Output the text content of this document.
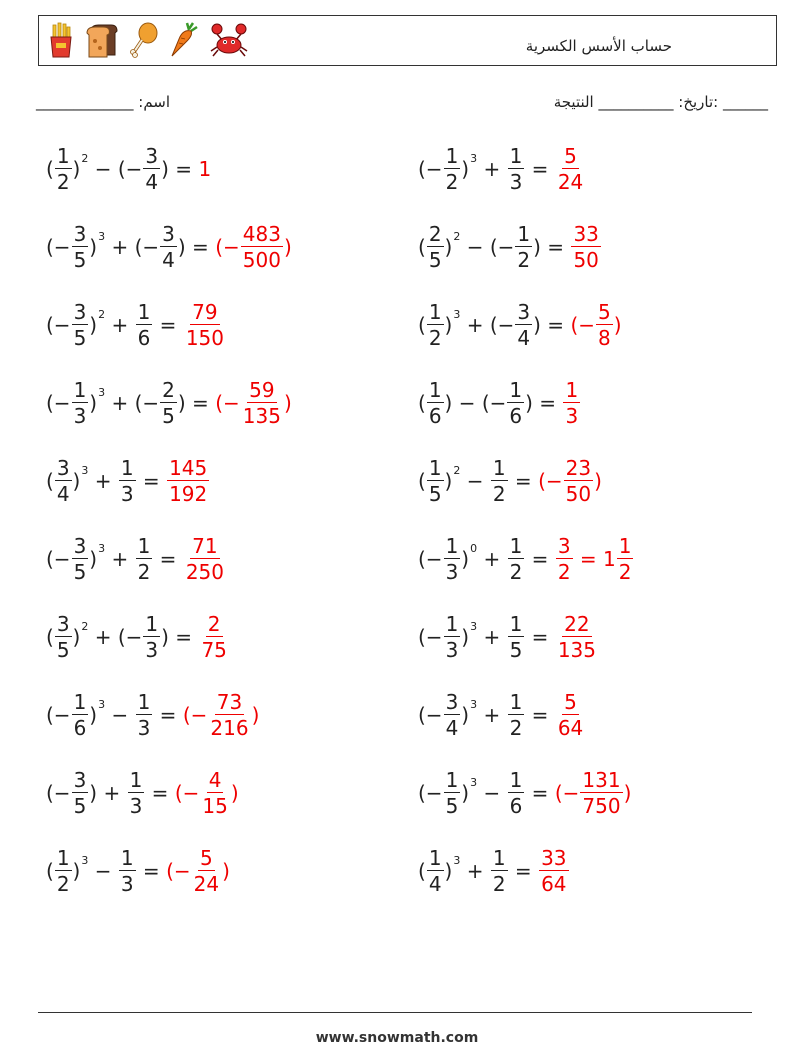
حساب الأسس الكسرية
اسم: _____________	______ :تاريخ: __________ النتيجة
( $\frac{1}{2}$ ) 2 − (− $\frac{3}{4}$ ) = 1	(− $\frac{1}{2}$ ) $3 + \frac{1}{3} = \frac{5}{24}$
(− $\frac{3}{5}$ ) 3 + (− $\frac{3}{4}$ ) = (− $\frac{483}{500}$ )	( $\frac{2}{5}$ ) 2 − (− $\frac{1}{2}$ ) = $\frac{33}{50}$
(− $\frac{3}{5}$ ) $2 + \frac{1}{6} = \frac{79}{150}$	( $\frac{1}{2}$ ) 3 + (− $\frac{3}{4}$ ) = (− $\frac{5}{8}$ )
(− $\frac{1}{3}$ ) 3 + (− $\frac{2}{5}$ ) = (− $\frac{59}{135}$ )	( $\frac{1}{6}$ ) − (− $\frac{1}{6}$ ) = $\frac{1}{3}$
( $\frac{3}{4}$ ) $3 + \frac{1}{3} = \frac{145}{192}$	( $\frac{1}{5}$ ) $2 - \frac{1}{2}$ = (− $\frac{23}{50}$ )
(− $\frac{3}{5}$ ) $3 + \frac{1}{2} = \frac{71}{250}$	(− $\frac{1}{3}$ ) $0 + \frac{1}{2} = \frac{3}{2} = 1 \frac{1}{2}$
( $\frac{3}{5}$ ) 2 + (− $\frac{1}{3}$ ) = $\frac{2}{75}$	(− $\frac{1}{3}$ ) $3 + \frac{1}{5} = \frac{22}{135}$
(− $\frac{1}{6}$ ) $3 - \frac{1}{3}$ = (− $\frac{73}{216}$ )	(− $\frac{3}{4}$ ) $3 + \frac{1}{2} = \frac{5}{64}$
(− $\frac{3}{5}$ ) + $\frac{1}{3}$ = (− $\frac{4}{15}$ )	(− $\frac{1}{5}$ ) $3 - \frac{1}{6}$ = (− $\frac{131}{750}$ )
( $\frac{1}{2}$ ) $3 - \frac{1}{3}$ = (− $\frac{5}{24}$ )	( $\frac{1}{4}$ ) $3 + \frac{1}{2} = \frac{33}{64}$
www.snowmath.com
